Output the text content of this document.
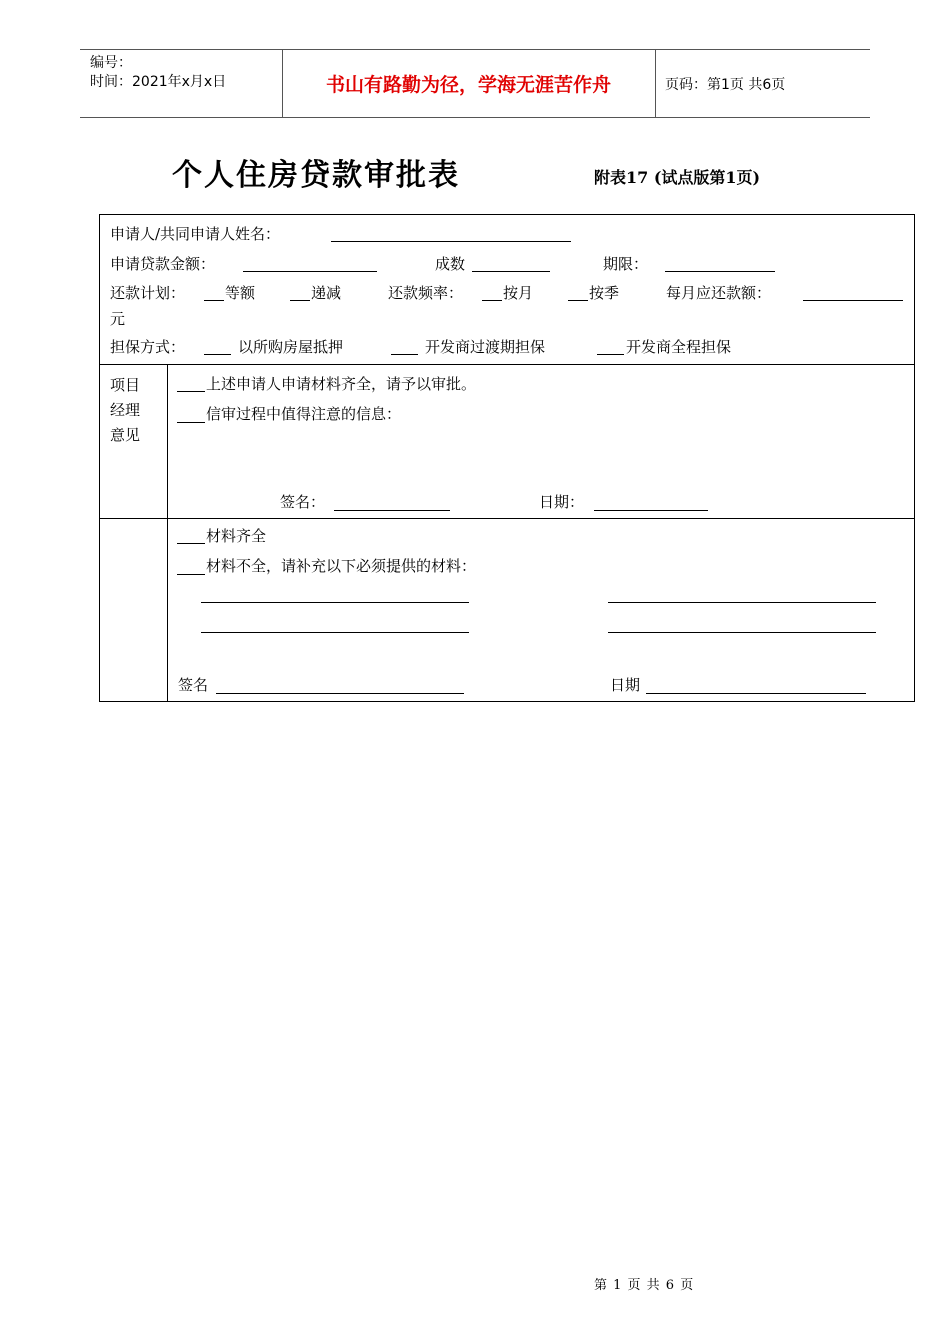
编号：
时间：2021年x月x日	书山有路勤为径，学海无涯苦作舟	页码：第1页 共6页
个人住房贷款审批表	附表17 (试点版第1页)
申请人/共同申请人姓名：
申请贷款金额：	成数	期限：
还款计划：	等额	递减	还款频率：	按月	按季	每月应还款额：
元
担保方式：	以所购房屋抵押	开发商过渡期担保	开发商全程担保
项目
经理
意见
上述申请人申请材料齐全，请予以审批。
信审过程中值得注意的信息：
签名：	日期：
材料齐全
材料不全，请补充以下必须提供的材料：
签名	日期
第 1 页 共 6 页
